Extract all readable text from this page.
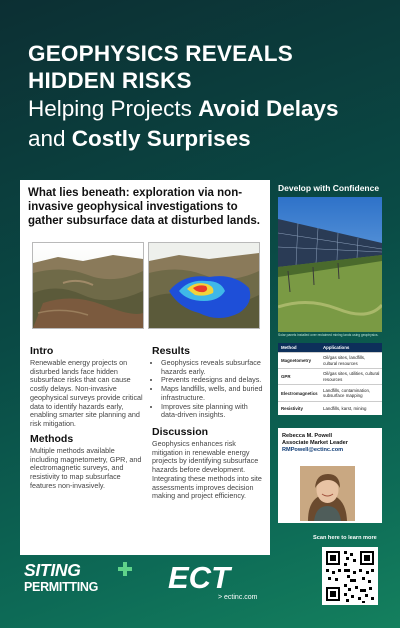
GEOPHYSICS REVEALS
HIDDEN RISKS
Helping Projects Avoid Delays
and Costly Surprises
What lies beneath: exploration via non-invasive geophysical investigations to gather subsurface data at disturbed lands.
Intro

Renewable energy projects on disturbed lands face hidden subsurface risks that can cause costly delays. Non-invasive geophysical surveys provide critical data to identify hazards early, enabling smarter site planning and risk mitigation.

Methods

Multiple methods available including magnetometry, GPR, and electromagnetic surveys, and resistivity to map subsurface features non-invasively.

Results
• Geophysics reveals subsurface hazards early.
• Prevents redesigns and delays.
• Maps landfills, wells, and buried infrastructure.
• Improves site planning with data-driven insights.
Discussion

Geophysics enhances risk mitigation in renewable energy projects by identifying subsurface hazards before development. Integrating these methods into site assessments improves decision making and project efficiency.

Develop with Confidence
Solar panels installed over reclaimed mining lands using geophysics.
Method	Applications
Magnetometry
Oil/gas sites, landfills, cultural resources
GPR
Oil/gas sites, utilities, cultural resources
Electromagnetics
Landfills, contamination, subsurface mapping
Resistivity	Landfills, karst, mining
Rebecca M. Powell
Associate Market Leader
RMPowell@ectinc.com
SITING
PERMITTING ECT
> ectinc.com
Scan here to learn more
